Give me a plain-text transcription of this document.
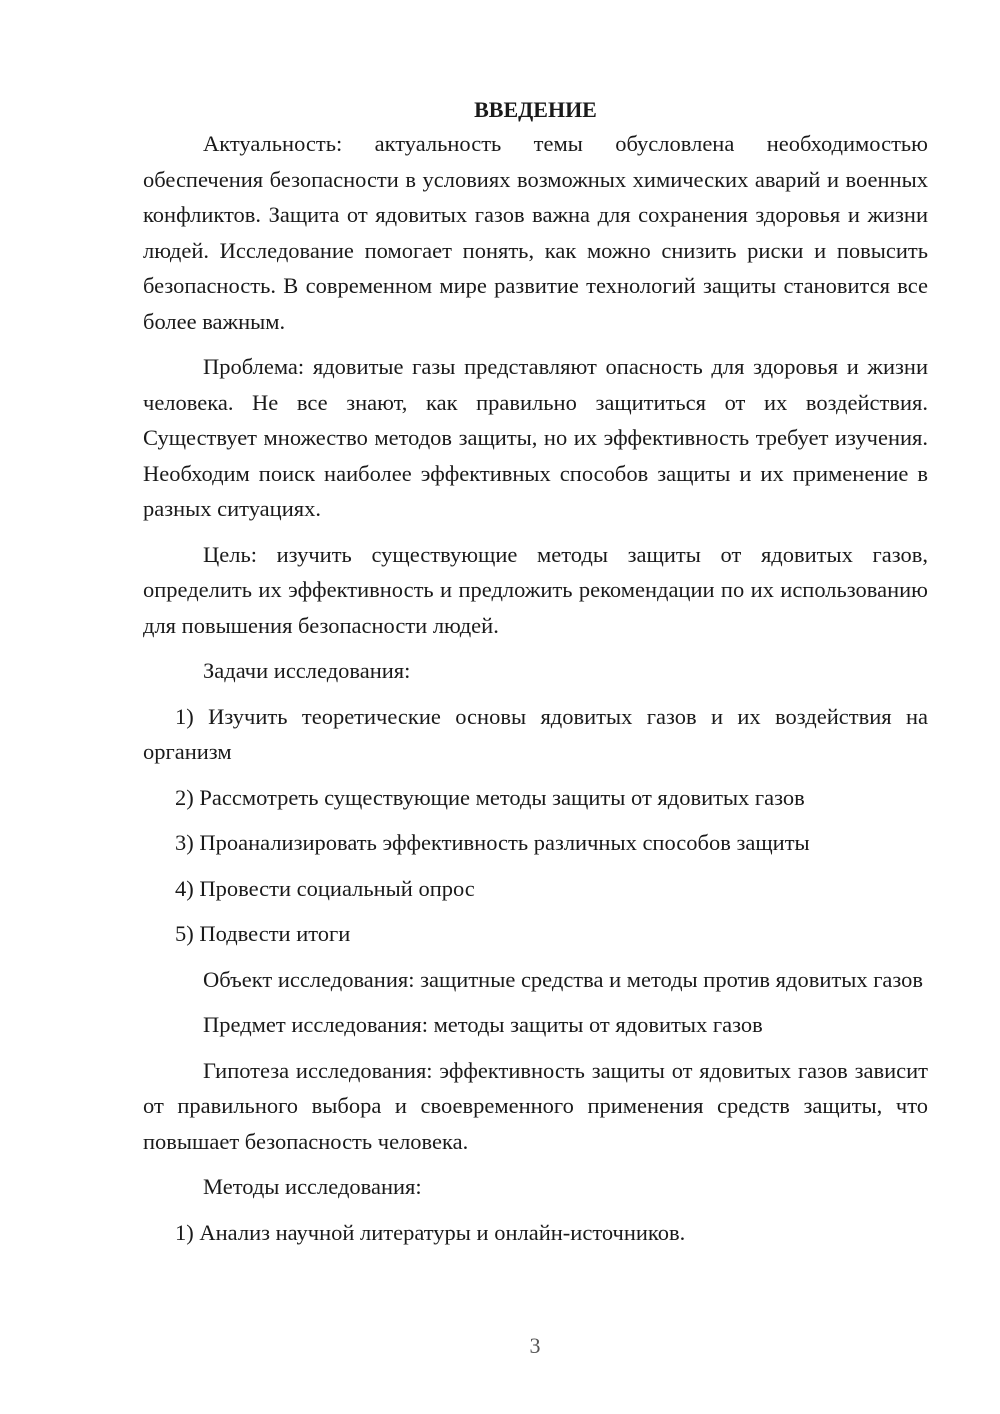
ВВЕДЕНИЕ

Актуальность: актуальность темы обусловлена необходимостью обеспечения безопасности в условиях возможных химических аварий и военных конфликтов. Защита от ядовитых газов важна для сохранения здоровья и жизни людей. Исследование помогает понять, как можно снизить риски и повысить безопасность. В современном мире развитие технологий защиты становится все более важным.

Проблема: ядовитые газы представляют опасность для здоровья и жизни человека. Не все знают, как правильно защититься от их воздействия. Существует множество методов защиты, но их эффективность требует изучения. Необходим поиск наиболее эффективных способов защиты и их применение в разных ситуациях.

Цель: изучить существующие методы защиты от ядовитых газов, определить их эффективность и предложить рекомендации по их использованию для повышения безопасности людей.

Задачи исследования:

1) Изучить теоретические основы ядовитых газов и их воздействия на организм

2) Рассмотреть существующие методы защиты от ядовитых газов

3) Проанализировать эффективность различных способов защиты

4) Провести социальный опрос

5) Подвести итоги

Объект исследования: защитные средства и методы против ядовитых газов

Предмет исследования: методы защиты от ядовитых газов

Гипотеза исследования: эффективность защиты от ядовитых газов зависит от правильного выбора и своевременного применения средств защиты, что повышает безопасность человека.

Методы исследования:

1) Анализ научной литературы и онлайн-источников.

3
